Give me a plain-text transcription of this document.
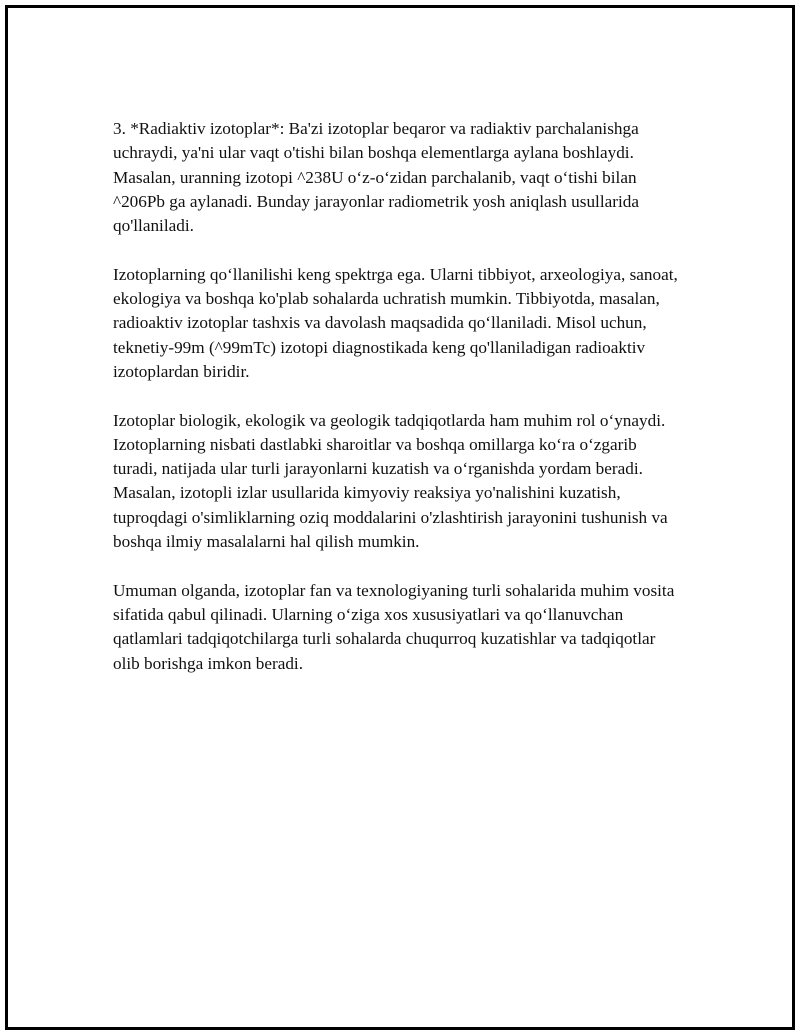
3. *Radiaktiv izotoplar*: Ba'zi izotoplar beqaror va radiaktiv parchalanishga uchraydi, ya'ni ular vaqt o'tishi bilan boshqa elementlarga aylana boshlaydi. Masalan, uranning izotopi ^238U o‘z-o‘zidan parchalanib, vaqt o‘tishi bilan ^206Pb ga aylanadi. Bunday jarayonlar radiometrik yosh aniqlash usullarida qo'llaniladi.

Izotoplarning qo‘llanilishi keng spektrga ega. Ularni tibbiyot, arxeologiya, sanoat, ekologiya va boshqa ko'plab sohalarda uchratish mumkin. Tibbiyotda, masalan, radioaktiv izotoplar tashxis va davolash maqsadida qo‘llaniladi. Misol uchun, teknetiy-99m (^99mTc) izotopi diagnostikada keng qo'llaniladigan radioaktiv izotoplardan biridir.

Izotoplar biologik, ekologik va geologik tadqiqotlarda ham muhim rol o‘ynaydi. Izotoplarning nisbati dastlabki sharoitlar va boshqa omillarga ko‘ra o‘zgarib turadi, natijada ular turli jarayonlarni kuzatish va o‘rganishda yordam beradi. Masalan, izotopli izlar usullarida kimyoviy reaksiya yo'nalishini kuzatish, tuproqdagi o'simliklarning oziq moddalarini o'zlashtirish jarayonini tushunish va boshqa ilmiy masalalarni hal qilish mumkin.

Umuman olganda, izotoplar fan va texnologiyaning turli sohalarida muhim vosita sifatida qabul qilinadi. Ularning o‘ziga xos xususiyatlari va qo‘llanuvchan qatlamlari tadqiqotchilarga turli sohalarda chuqurroq kuzatishlar va tadqiqotlar olib borishga imkon beradi.
